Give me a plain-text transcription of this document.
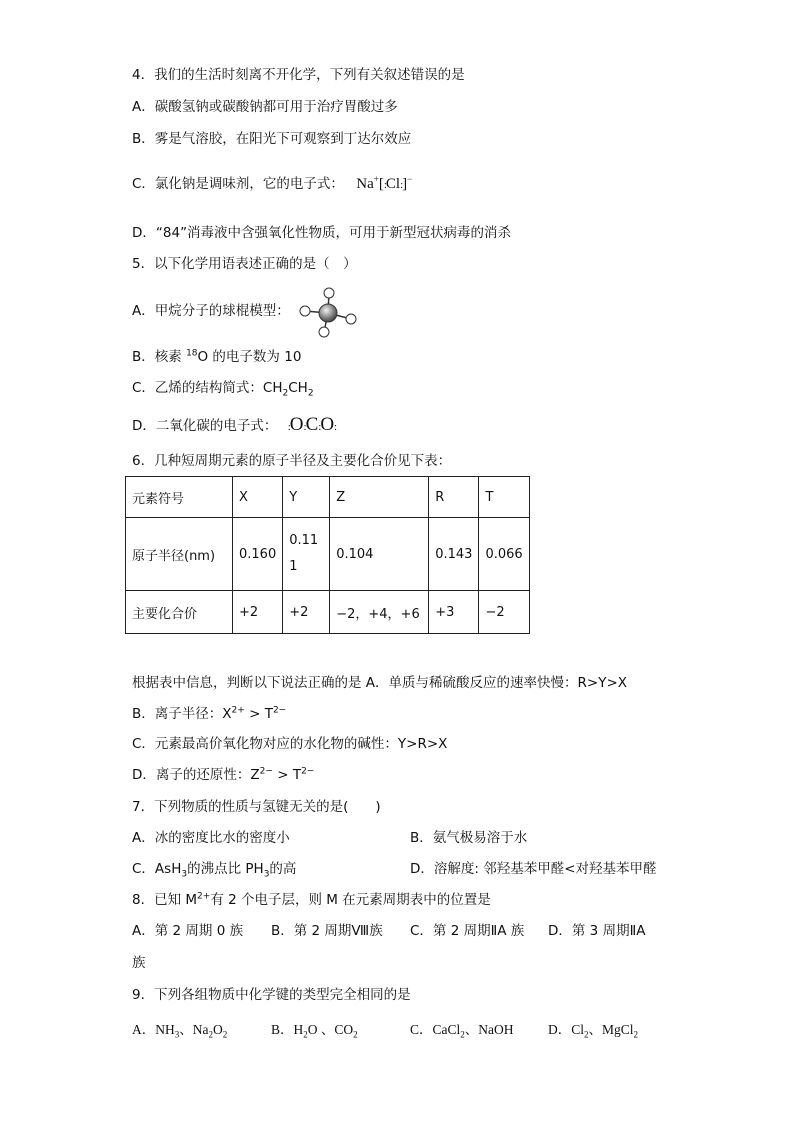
4．我们的生活时刻离不开化学，下列有关叙述错误的是
A．碳酸氢钠或碳酸钠都可用于治疗胃酸过多
B．雾是气溶胶，在阳光下可观察到丁达尔效应
C．氯化钠是调味剂，它的电子式： Na+[:Cl:]−
D．“84”消毒液中含强氧化性物质，可用于新型冠状病毒的消杀
5．以下化学用语表述正确的是（　）
A．甲烷分子的球棍模型：
B．核素 $^{18}$O 的电子数为 10
C．乙烯的结构简式：$CH_2CH_2$
D．二氧化碳的电子式： :O:C:O:
6．几种短周期元素的原子半径及主要化合价见下表：
元素符号	X	Y	Z	R	T
原子半径(nm)	0.160	0.111	0.104	0.143	0.066
主要化合价	+2	+2	−2，+4，+6	+3	−2
根据表中信息，判断以下说法正确的是 A．单质与稀硫酸反应的速率快慢：R>Y>X
B．离子半径：$X^{2+} > T^{2-}$
C．元素最高价氧化物对应的水化物的碱性：Y>R>X
D．离子的还原性：$Z^{2-} > T^{2-}$
7．下列物质的性质与氢键无关的是(　　)
A．冰的密度比水的密度小	B．氨气极易溶于水
C．AsH$_3$的沸点比 $PH_3$的高	D．溶解度: 邻羟基苯甲醛<对羟基苯甲醛
8．已知 $M^{2+}$有 2 个电子层，则 M 在元素周期表中的位置是
A．第 2 周期 0 族 B．第 2 周期Ⅷ族 C．第 2 周期ⅡA 族 D．第 3 周期ⅡA
族
9．下列各组物质中化学键的类型完全相同的是
A．$NH_3$、$Na_2O_2$	B．$H_2O$ 、$CO_2$	C．CaCl$_2$、NaOH	D．$Cl_2$、MgCl$_2$
